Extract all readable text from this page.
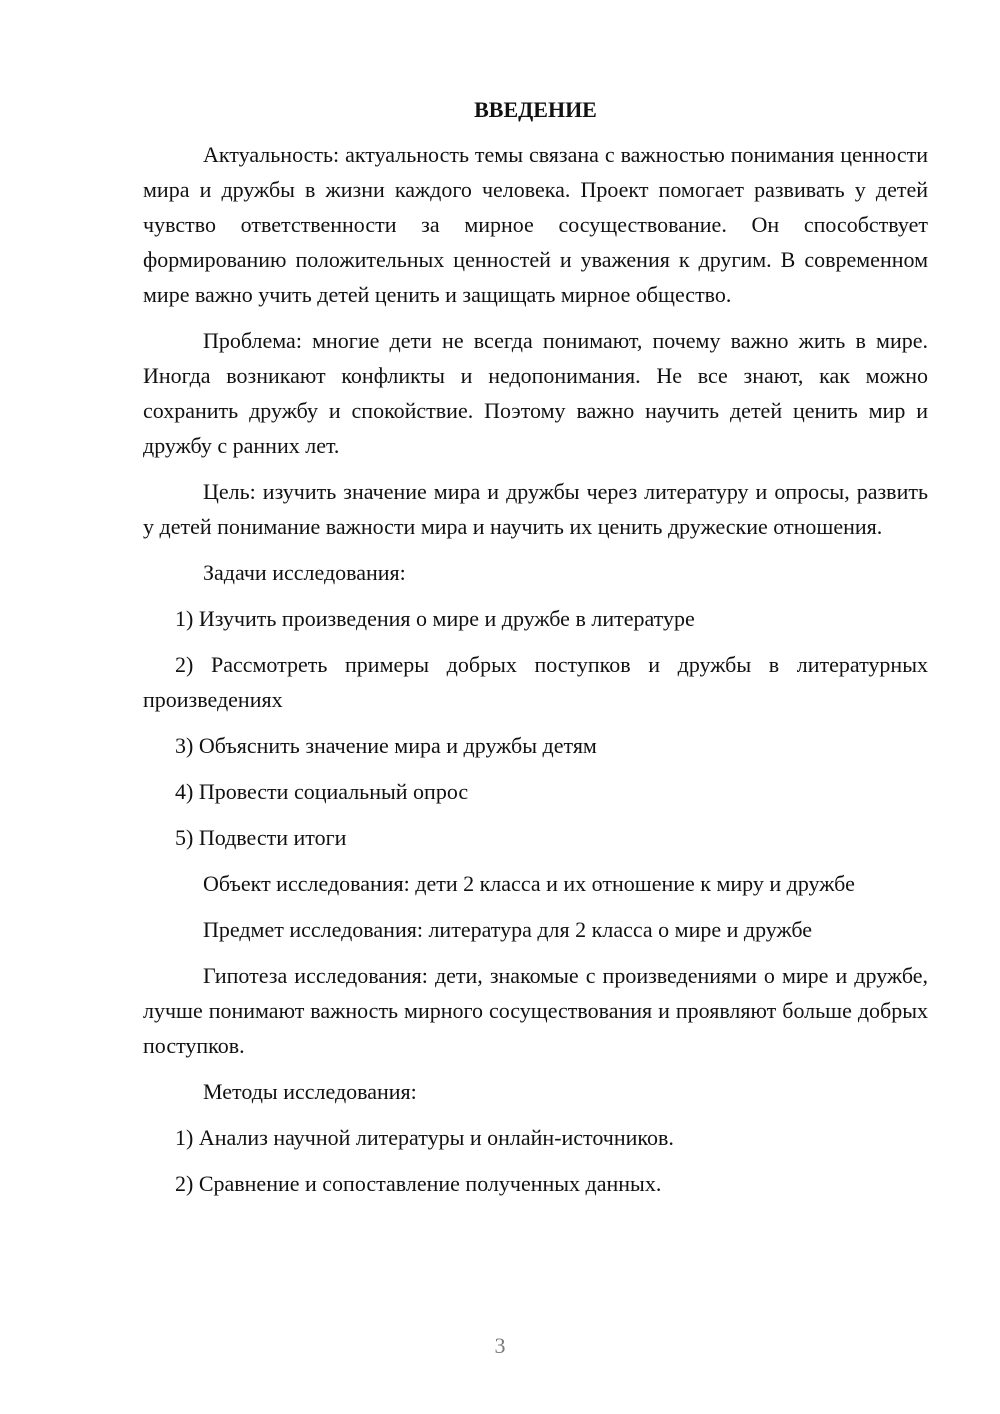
ВВЕДЕНИЕ

Актуальность: актуальность темы связана с важностью понимания ценности мира и дружбы в жизни каждого человека. Проект помогает развивать у детей чувство ответственности за мирное сосуществование. Он способствует формированию положительных ценностей и уважения к другим. В современном мире важно учить детей ценить и защищать мирное общество.

Проблема: многие дети не всегда понимают, почему важно жить в мире. Иногда возникают конфликты и недопонимания. Не все знают, как можно сохранить дружбу и спокойствие. Поэтому важно научить детей ценить мир и дружбу с ранних лет.

Цель: изучить значение мира и дружбы через литературу и опросы, развить у детей понимание важности мира и научить их ценить дружеские отношения.

Задачи исследования:

1) Изучить произведения о мире и дружбе в литературе

2) Рассмотреть примеры добрых поступков и дружбы в литературных произведениях

3) Объяснить значение мира и дружбы детям

4) Провести социальный опрос

5) Подвести итоги

Объект исследования: дети 2 класса и их отношение к миру и дружбе

Предмет исследования: литература для 2 класса о мире и дружбе

Гипотеза исследования: дети, знакомые с произведениями о мире и дружбе, лучше понимают важность мирного сосуществования и проявляют больше добрых поступков.

Методы исследования:

1) Анализ научной литературы и онлайн-источников.

2) Сравнение и сопоставление полученных данных.

3
